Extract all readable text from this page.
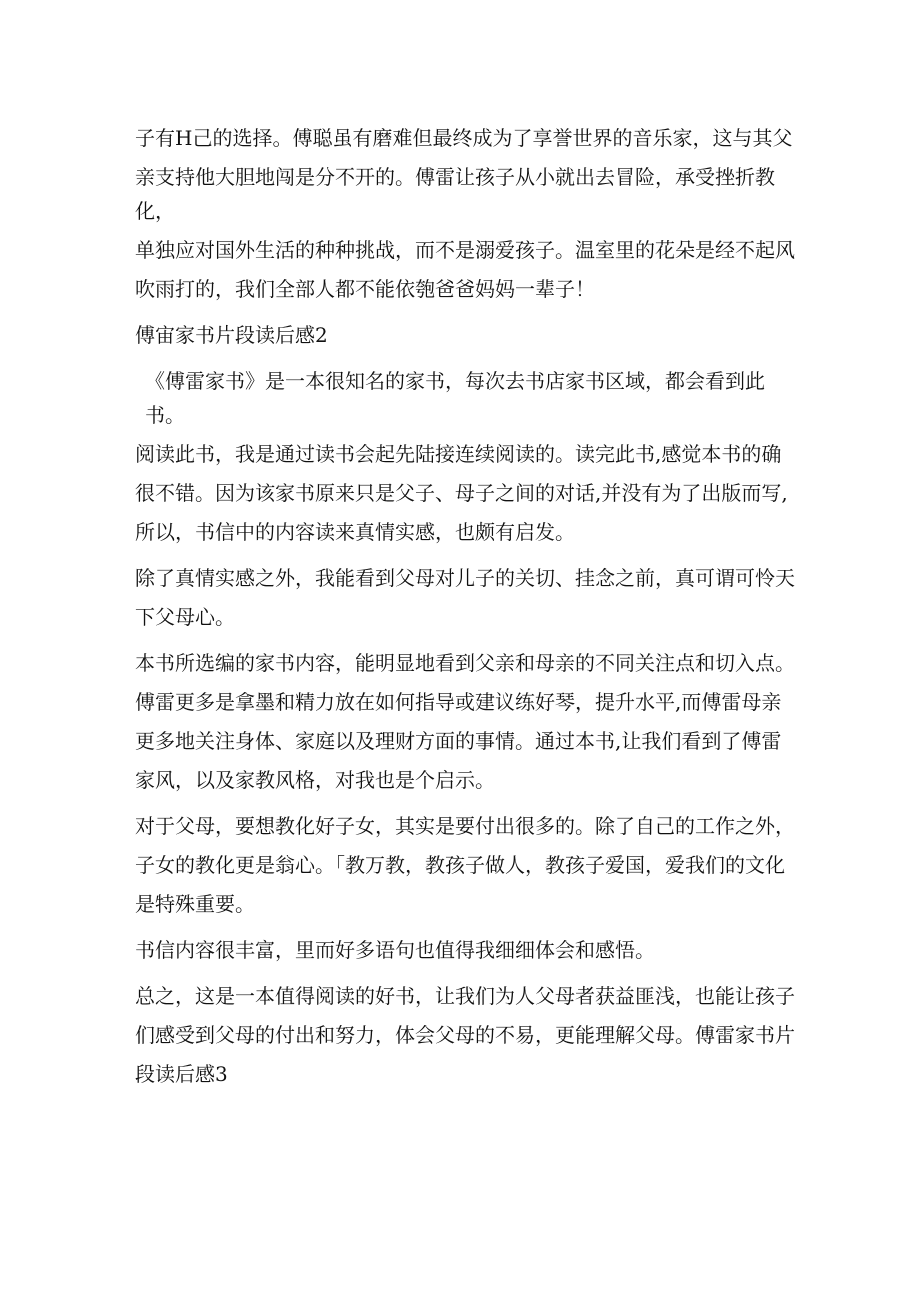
子有H己的选择。傅聪虽有磨难但最终成为了享誉世界的音乐家，这与其父
亲支持他大胆地闯是分不开的。傅雷让孩子从小就出去冒险，承受挫折教化，
单独应对国外生活的种种挑战，而不是溺爱孩子。温室里的花朵是经不起风
吹雨打的，我们全部人都不能依匏爸爸妈妈一辈子！
傅宙家书片段读后感2
《傅雷家书》是一本很知名的家书，每次去书店家书区域，都会看到此书。
阅读此书，我是通过读书会起先陆接连续阅读的。读完此书,感觉本书的确
很不错。因为该家书原来只是父子、母子之间的对话,并没有为了出版而写,
所以，书信中的内容读来真情实感，也颇有启发。
除了真情实感之外，我能看到父母对儿子的关切、挂念之前，真可谓可怜天
下父母心。
本书所选编的家书内容，能明显地看到父亲和母亲的不同关注点和切入点。
傅雷更多是拿墨和精力放在如何指导或建议练好琴，提升水平,而傅雷母亲
更多地关注身体、家庭以及理财方面的事情。通过本书,让我们看到了傅雷
家风，以及家教风格，对我也是个启示。
对于父母，要想教化好子女，其实是要付出很多的。除了自己的工作之外，
子女的教化更是翁心。「教万教，教孩子做人，教孩子爱国，爱我们的文化
是特殊重要。
书信内容很丰富，里而好多语句也值得我细细体会和感悟。
总之，这是一本值得阅读的好书，让我们为人父母者获益匪浅，也能让孩子
们感受到父母的付出和努力，体会父母的不易，更能理解父母。傅雷家书片
段读后感3
